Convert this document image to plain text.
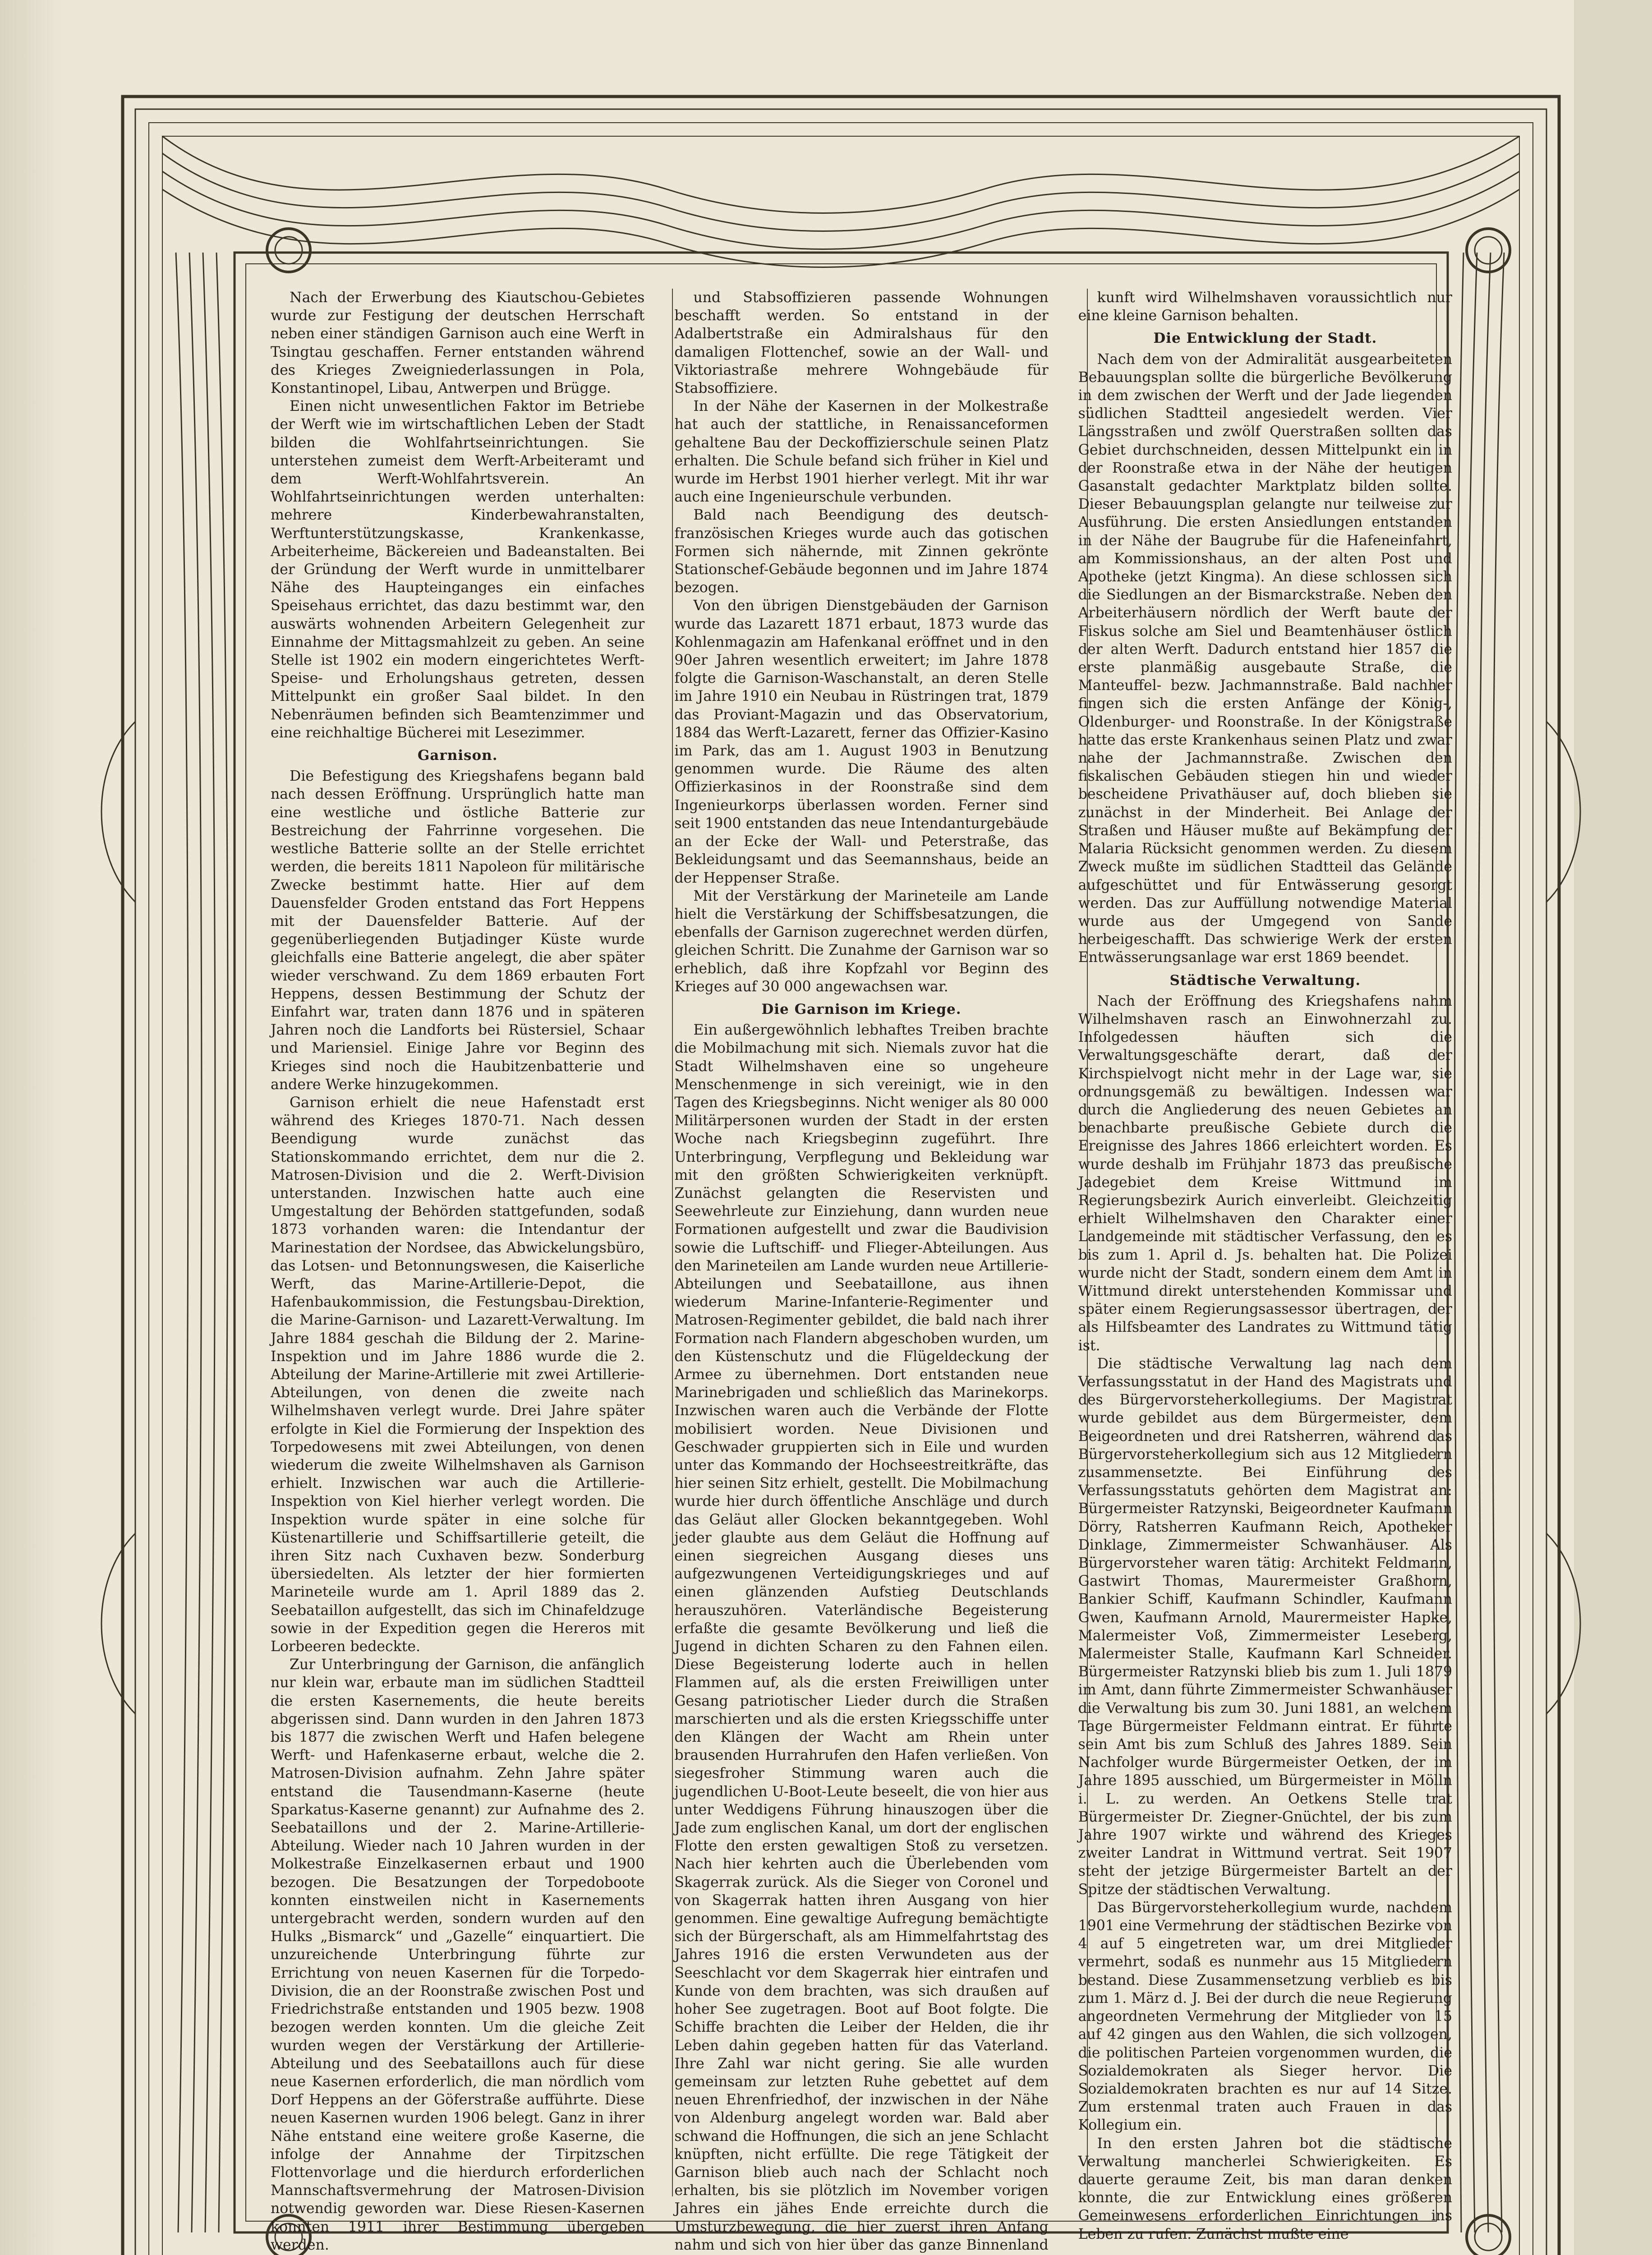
Nach der Erwerbung des Kiautschou-Gebietes wurde zur Festigung der deutschen Herrschaft neben einer ständigen Garnison auch eine Werft in Tsingtau geschaffen. Ferner entstanden während des Krieges Zweigniederlassungen in Pola, Konstantinopel, Libau, Antwerpen und Brügge.

Einen nicht unwesentlichen Faktor im Betriebe der Werft wie im wirtschaftlichen Leben der Stadt bilden die Wohlfahrtseinrichtungen. Sie unterstehen zumeist dem Werft-Arbeiteramt und dem Werft-Wohlfahrtsverein. An Wohlfahrtseinrichtungen werden unterhalten: mehrere Kinderbewahranstalten, Werftunterstützungskasse, Krankenkasse, Arbeiterheime, Bäckereien und Badeanstalten. Bei der Gründung der Werft wurde in unmittelbarer Nähe des Haupteinganges ein einfaches Speisehaus errichtet, das dazu bestimmt war, den auswärts wohnenden Arbeitern Gelegenheit zur Einnahme der Mittagsmahlzeit zu geben. An seine Stelle ist 1902 ein modern eingerichtetes Werft-Speise- und Erholungshaus getreten, dessen Mittelpunkt ein großer Saal bildet. In den Nebenräumen befinden sich Beamtenzimmer und eine reichhaltige Bücherei mit Lesezimmer.

Garnison.

Die Befestigung des Kriegshafens begann bald nach dessen Eröffnung. Ursprünglich hatte man eine westliche und östliche Batterie zur Bestreichung der Fahrrinne vorgesehen. Die westliche Batterie sollte an der Stelle errichtet werden, die bereits 1811 Napoleon für militärische Zwecke bestimmt hatte. Hier auf dem Dauensfelder Groden entstand das Fort Heppens mit der Dauensfelder Batterie. Auf der gegenüberliegenden Butjadinger Küste wurde gleichfalls eine Batterie angelegt, die aber später wieder verschwand. Zu dem 1869 erbauten Fort Heppens, dessen Bestimmung der Schutz der Einfahrt war, traten dann 1876 und in späteren Jahren noch die Landforts bei Rüstersiel, Schaar und Mariensiel. Einige Jahre vor Beginn des Krieges sind noch die Haubitzenbatterie und andere Werke hinzugekommen.

Garnison erhielt die neue Hafenstadt erst während des Krieges 1870-71. Nach dessen Beendigung wurde zunächst das Stationskommando errichtet, dem nur die 2. Matrosen-Division und die 2. Werft-Division unterstanden. Inzwischen hatte auch eine Umgestaltung der Behörden stattgefunden, sodaß 1873 vorhanden waren: die Intendantur der Marinestation der Nordsee, das Abwickelungsbüro, das Lotsen- und Betonnungswesen, die Kaiserliche Werft, das Marine-Artillerie-Depot, die Hafenbaukommission, die Festungsbau-Direktion, die Marine-Garnison- und Lazarett-Verwaltung. Im Jahre 1884 geschah die Bildung der 2. Marine-Inspektion und im Jahre 1886 wurde die 2. Abteilung der Marine-Artillerie mit zwei Artillerie-Abteilungen, von denen die zweite nach Wilhelmshaven verlegt wurde. Drei Jahre später erfolgte in Kiel die Formierung der Inspektion des Torpedowesens mit zwei Abteilungen, von denen wiederum die zweite Wilhelmshaven als Garnison erhielt. Inzwischen war auch die Artillerie-Inspektion von Kiel hierher verlegt worden. Die Inspektion wurde später in eine solche für Küstenartillerie und Schiffsartillerie geteilt, die ihren Sitz nach Cuxhaven bezw. Sonderburg übersiedelten. Als letzter der hier formierten Marineteile wurde am 1. April 1889 das 2. Seebataillon aufgestellt, das sich im Chinafeldzuge sowie in der Expedition gegen die Hereros mit Lorbeeren bedeckte.

Zur Unterbringung der Garnison, die anfänglich nur klein war, erbaute man im südlichen Stadtteil die ersten Kasernements, die heute bereits abgerissen sind. Dann wurden in den Jahren 1873 bis 1877 die zwischen Werft und Hafen belegene Werft- und Hafenkaserne erbaut, welche die 2. Matrosen-Division aufnahm. Zehn Jahre später entstand die Tausendmann-Kaserne (heute Sparkatus-Kaserne genannt) zur Aufnahme des 2. Seebataillons und der 2. Marine-Artillerie-Abteilung. Wieder nach 10 Jahren wurden in der Molkestraße Einzelkasernen erbaut und 1900 bezogen. Die Besatzungen der Torpedoboote konnten einstweilen nicht in Kasernements untergebracht werden, sondern wurden auf den Hulks „Bismarck“ und „Gazelle“ einquartiert. Die unzureichende Unterbringung führte zur Errichtung von neuen Kasernen für die Torpedo-Division, die an der Roonstraße zwischen Post und Friedrichstraße entstanden und 1905 bezw. 1908 bezogen werden konnten. Um die gleiche Zeit wurden wegen der Verstärkung der Artillerie-Abteilung und des Seebataillons auch für diese neue Kasernen erforderlich, die man nördlich vom Dorf Heppens an der Göferstraße aufführte. Diese neuen Kasernen wurden 1906 belegt. Ganz in ihrer Nähe entstand eine weitere große Kaserne, die infolge der Annahme der Tirpitzschen Flottenvorlage und die hierdurch erforderlichen Mannschaftsvermehrung der Matrosen-Division notwendig geworden war. Diese Riesen-Kasernen konnten 1911 ihrer Bestimmung übergeben werden.

und Stabsoffizieren passende Wohnungen beschafft werden. So entstand in der Adalbertstraße ein Admiralshaus für den damaligen Flottenchef, sowie an der Wall- und Viktoriastraße mehrere Wohngebäude für Stabsoffiziere.

In der Nähe der Kasernen in der Molkestraße hat auch der stattliche, in Renaissanceformen gehaltene Bau der Deckoffizierschule seinen Platz erhalten. Die Schule befand sich früher in Kiel und wurde im Herbst 1901 hierher verlegt. Mit ihr war auch eine Ingenieurschule verbunden.

Bald nach Beendigung des deutsch-französischen Krieges wurde auch das gotischen Formen sich nähernde, mit Zinnen gekrönte Stationschef-Gebäude begonnen und im Jahre 1874 bezogen.

Von den übrigen Dienstgebäuden der Garnison wurde das Lazarett 1871 erbaut, 1873 wurde das Kohlenmagazin am Hafenkanal eröffnet und in den 90er Jahren wesentlich erweitert; im Jahre 1878 folgte die Garnison-Waschanstalt, an deren Stelle im Jahre 1910 ein Neubau in Rüstringen trat, 1879 das Proviant-Magazin und das Observatorium, 1884 das Werft-Lazarett, ferner das Offizier-Kasino im Park, das am 1. August 1903 in Benutzung genommen wurde. Die Räume des alten Offizierkasinos in der Roonstraße sind dem Ingenieurkorps überlassen worden. Ferner sind seit 1900 entstanden das neue Intendanturgebäude an der Ecke der Wall- und Peterstraße, das Bekleidungsamt und das Seemannshaus, beide an der Heppenser Straße.

Mit der Verstärkung der Marineteile am Lande hielt die Verstärkung der Schiffsbesatzungen, die ebenfalls der Garnison zugerechnet werden dürfen, gleichen Schritt. Die Zunahme der Garnison war so erheblich, daß ihre Kopfzahl vor Beginn des Krieges auf 30 000 angewachsen war.

Die Garnison im Kriege.

Ein außergewöhnlich lebhaftes Treiben brachte die Mobilmachung mit sich. Niemals zuvor hat die Stadt Wilhelmshaven eine so ungeheure Menschenmenge in sich vereinigt, wie in den Tagen des Kriegsbeginns. Nicht weniger als 80 000 Militärpersonen wurden der Stadt in der ersten Woche nach Kriegsbeginn zugeführt. Ihre Unterbringung, Verpflegung und Bekleidung war mit den größten Schwierigkeiten verknüpft. Zunächst gelangten die Reservisten und Seewehrleute zur Einziehung, dann wurden neue Formationen aufgestellt und zwar die Baudivision sowie die Luftschiff- und Flieger-Abteilungen. Aus den Marineteilen am Lande wurden neue Artillerie-Abteilungen und Seebataillone, aus ihnen wiederum Marine-Infanterie-Regimenter und Matrosen-Regimenter gebildet, die bald nach ihrer Formation nach Flandern abgeschoben wurden, um den Küstenschutz und die Flügeldeckung der Armee zu übernehmen. Dort entstanden neue Marinebrigaden und schließlich das Marinekorps. Inzwischen waren auch die Verbände der Flotte mobilisiert worden. Neue Divisionen und Geschwader gruppierten sich in Eile und wurden unter das Kommando der Hochseestreitkräfte, das hier seinen Sitz erhielt, gestellt. Die Mobilmachung wurde hier durch öffentliche Anschläge und durch das Geläut aller Glocken bekanntgegeben. Wohl jeder glaubte aus dem Geläut die Hoffnung auf einen siegreichen Ausgang dieses uns aufgezwungenen Verteidigungskrieges und auf einen glänzenden Aufstieg Deutschlands herauszuhören. Vaterländische Begeisterung erfaßte die gesamte Bevölkerung und ließ die Jugend in dichten Scharen zu den Fahnen eilen. Diese Begeisterung loderte auch in hellen Flammen auf, als die ersten Freiwilligen unter Gesang patriotischer Lieder durch die Straßen marschierten und als die ersten Kriegsschiffe unter den Klängen der Wacht am Rhein unter brausenden Hurrahrufen den Hafen verließen. Von siegesfroher Stimmung waren auch die jugendlichen U-Boot-Leute beseelt, die von hier aus unter Weddigens Führung hinauszogen über die Jade zum englischen Kanal, um dort der englischen Flotte den ersten gewaltigen Stoß zu versetzen. Nach hier kehrten auch die Überlebenden vom Skagerrak zurück. Als die Sieger von Coronel und von Skagerrak hatten ihren Ausgang von hier genommen. Eine gewaltige Aufregung bemächtigte sich der Bürgerschaft, als am Himmelfahrtstag des Jahres 1916 die ersten Verwundeten aus der Seeschlacht vor dem Skagerrak hier eintrafen und Kunde von dem brachten, was sich draußen auf hoher See zugetragen. Boot auf Boot folgte. Die Schiffe brachten die Leiber der Helden, die ihr Leben dahin gegeben hatten für das Vaterland. Ihre Zahl war nicht gering. Sie alle wurden gemeinsam zur letzten Ruhe gebettet auf dem neuen Ehrenfriedhof, der inzwischen in der Nähe von Aldenburg angelegt worden war. Bald aber schwand die Hoffnungen, die sich an jene Schlacht knüpften, nicht erfüllte. Die rege Tätigkeit der Garnison blieb auch nach der Schlacht noch erhalten, bis sie plötzlich im November vorigen Jahres ein jähes Ende erreichte durch die Umsturzbewegung, die hier zuerst ihren Anfang nahm und sich von hier über das ganze Binnenland

kunft wird Wilhelmshaven voraussichtlich nur eine kleine Garnison behalten.

Die Entwicklung der Stadt.

Nach dem von der Admiralität ausgearbeiteten Bebauungsplan sollte die bürgerliche Bevölkerung in dem zwischen der Werft und der Jade liegenden südlichen Stadtteil angesiedelt werden. Vier Längsstraßen und zwölf Querstraßen sollten das Gebiet durchschneiden, dessen Mittelpunkt ein in der Roonstraße etwa in der Nähe der heutigen Gasanstalt gedachter Marktplatz bilden sollte. Dieser Bebauungsplan gelangte nur teilweise zur Ausführung. Die ersten Ansiedlungen entstanden in der Nähe der Baugrube für die Hafeneinfahrt, am Kommissionshaus, an der alten Post und Apotheke (jetzt Kingma). An diese schlossen sich die Siedlungen an der Bismarckstraße. Neben den Arbeiterhäusern nördlich der Werft baute der Fiskus solche am Siel und Beamtenhäuser östlich der alten Werft. Dadurch entstand hier 1857 die erste planmäßig ausgebaute Straße, die Manteuffel- bezw. Jachmannstraße. Bald nachher fingen sich die ersten Anfänge der König-, Oldenburger- und Roonstraße. In der Königstraße hatte das erste Krankenhaus seinen Platz und zwar nahe der Jachmannstraße. Zwischen den fiskalischen Gebäuden stiegen hin und wieder bescheidene Privathäuser auf, doch blieben sie zunächst in der Minderheit. Bei Anlage der Straßen und Häuser mußte auf Bekämpfung der Malaria Rücksicht genommen werden. Zu diesem Zweck mußte im südlichen Stadtteil das Gelände aufgeschüttet und für Entwässerung gesorgt werden. Das zur Auffüllung notwendige Material wurde aus der Umgegend von Sande herbeigeschafft. Das schwierige Werk der ersten Entwässerungsanlage war erst 1869 beendet.

Städtische Verwaltung.

Nach der Eröffnung des Kriegshafens nahm Wilhelmshaven rasch an Einwohnerzahl zu. Infolgedessen häuften sich die Verwaltungsgeschäfte derart, daß der Kirchspielvogt nicht mehr in der Lage war, sie ordnungsgemäß zu bewältigen. Indessen war durch die Angliederung des neuen Gebietes an benachbarte preußische Gebiete durch die Ereignisse des Jahres 1866 erleichtert worden. Es wurde deshalb im Frühjahr 1873 das preußische Jadegebiet dem Kreise Wittmund im Regierungsbezirk Aurich einverleibt. Gleichzeitig erhielt Wilhelmshaven den Charakter einer Landgemeinde mit städtischer Verfassung, den es bis zum 1. April d. Js. behalten hat. Die Polizei wurde nicht der Stadt, sondern einem dem Amt in Wittmund direkt unterstehenden Kommissar und später einem Regierungsassessor übertragen, der als Hilfsbeamter des Landrates zu Wittmund tätig ist.

Die städtische Verwaltung lag nach dem Verfassungsstatut in der Hand des Magistrats und des Bürgervorsteherkollegiums. Der Magistrat wurde gebildet aus dem Bürgermeister, dem Beigeordneten und drei Ratsherren, während das Bürgervorsteherkollegium sich aus 12 Mitgliedern zusammensetzte. Bei Einführung des Verfassungsstatuts gehörten dem Magistrat an: Bürgermeister Ratzynski, Beigeordneter Kaufmann Dörry, Ratsherren Kaufmann Reich, Apotheker Dinklage, Zimmermeister Schwanhäuser. Als Bürgervorsteher waren tätig: Architekt Feldmann, Gastwirt Thomas, Maurermeister Graßhorn, Bankier Schiff, Kaufmann Schindler, Kaufmann Gwen, Kaufmann Arnold, Maurermeister Hapke, Malermeister Voß, Zimmermeister Leseberg, Malermeister Stalle, Kaufmann Karl Schneider. Bürgermeister Ratzynski blieb bis zum 1. Juli 1879 im Amt, dann führte Zimmermeister Schwanhäuser die Verwaltung bis zum 30. Juni 1881, an welchem Tage Bürgermeister Feldmann eintrat. Er führte sein Amt bis zum Schluß des Jahres 1889. Sein Nachfolger wurde Bürgermeister Oetken, der im Jahre 1895 ausschied, um Bürgermeister in Mölln i. L. zu werden. An Oetkens Stelle trat Bürgermeister Dr. Ziegner-Gnüchtel, der bis zum Jahre 1907 wirkte und während des Krieges zweiter Landrat in Wittmund vertrat. Seit 1907 steht der jetzige Bürgermeister Bartelt an der Spitze der städtischen Verwaltung.

Das Bürgervorsteherkollegium wurde, nachdem 1901 eine Vermehrung der städtischen Bezirke von 4 auf 5 eingetreten war, um drei Mitglieder vermehrt, sodaß es nunmehr aus 15 Mitgliedern bestand. Diese Zusammensetzung verblieb es bis zum 1. März d. J. Bei der durch die neue Regierung angeordneten Vermehrung der Mitglieder von 15 auf 42 gingen aus den Wahlen, die sich vollzogen, die politischen Parteien vorgenommen wurden, die Sozialdemokraten als Sieger hervor. Die Sozialdemokraten brachten es nur auf 14 Sitze. Zum erstenmal traten auch Frauen in das Kollegium ein.

In den ersten Jahren bot die städtische Verwaltung mancherlei Schwierigkeiten. Es dauerte geraume Zeit, bis man daran denken konnte, die zur Entwicklung eines größeren Gemeinwesens erforderlichen Einrichtungen ins Leben zu rufen. Zunächst mußte eine
